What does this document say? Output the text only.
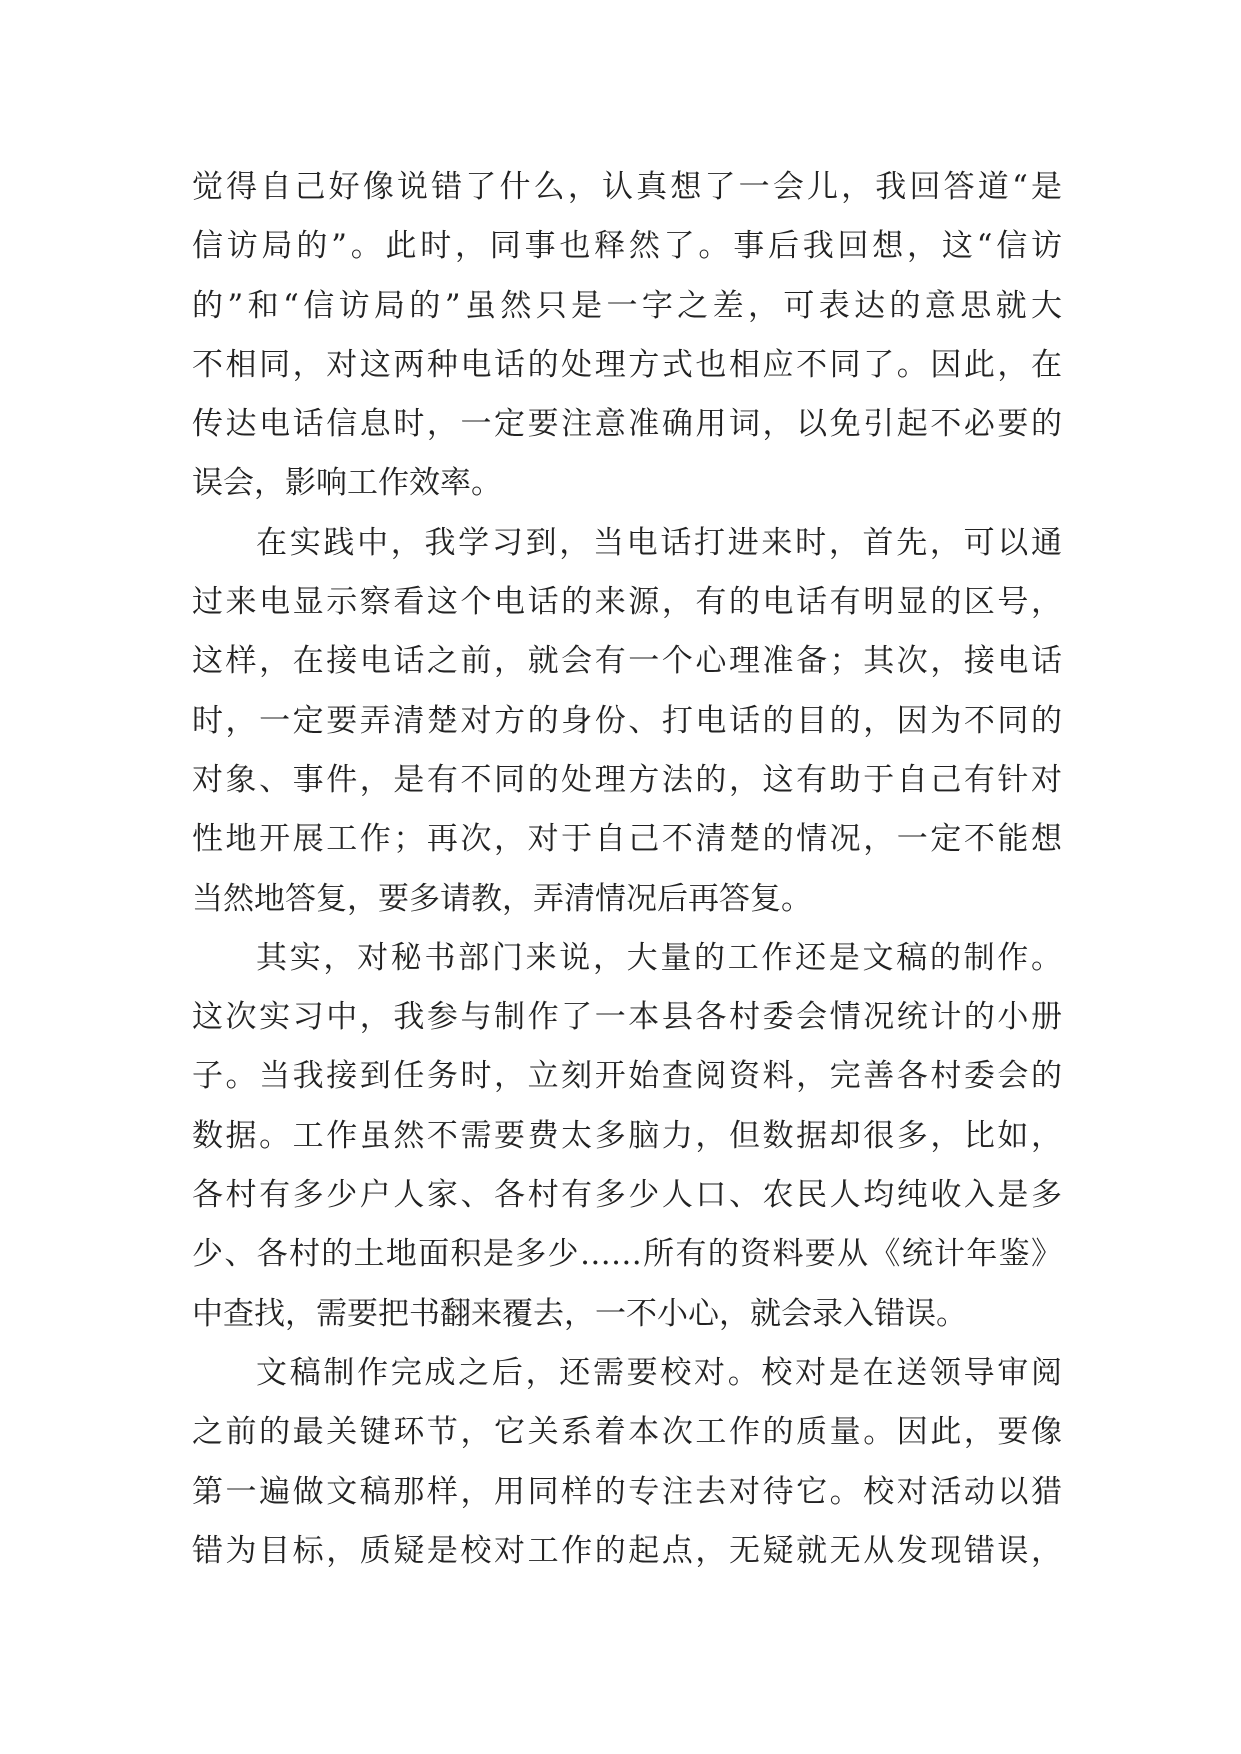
觉得自己好像说错了什么，认真想了一会儿，我回答道“是
信访局的”。此时，同事也释然了。事后我回想，这“信访
的”和“信访局的”虽然只是一字之差，可表达的意思就大
不相同，对这两种电话的处理方式也相应不同了。因此，在
传达电话信息时，一定要注意准确用词，以免引起不必要的
误会，影响工作效率。
在实践中，我学习到，当电话打进来时，首先，可以通
过来电显示察看这个电话的来源，有的电话有明显的区号，
这样，在接电话之前，就会有一个心理准备；其次，接电话
时，一定要弄清楚对方的身份、打电话的目的，因为不同的
对象、事件，是有不同的处理方法的，这有助于自己有针对
性地开展工作；再次，对于自己不清楚的情况，一定不能想
当然地答复，要多请教，弄清情况后再答复。
其实，对秘书部门来说，大量的工作还是文稿的制作。
这次实习中，我参与制作了一本县各村委会情况统计的小册
子。当我接到任务时，立刻开始查阅资料，完善各村委会的
数据。工作虽然不需要费太多脑力，但数据却很多，比如，
各村有多少户人家、各村有多少人口、农民人均纯收入是多
少、各村的土地面积是多少……所有的资料要从《统计年鉴》
中查找，需要把书翻来覆去，一不小心，就会录入错误。
文稿制作完成之后，还需要校对。校对是在送领导审阅
之前的最关键环节，它关系着本次工作的质量。因此，要像
第一遍做文稿那样，用同样的专注去对待它。校对活动以猎
错为目标，质疑是校对工作的起点，无疑就无从发现错误，
